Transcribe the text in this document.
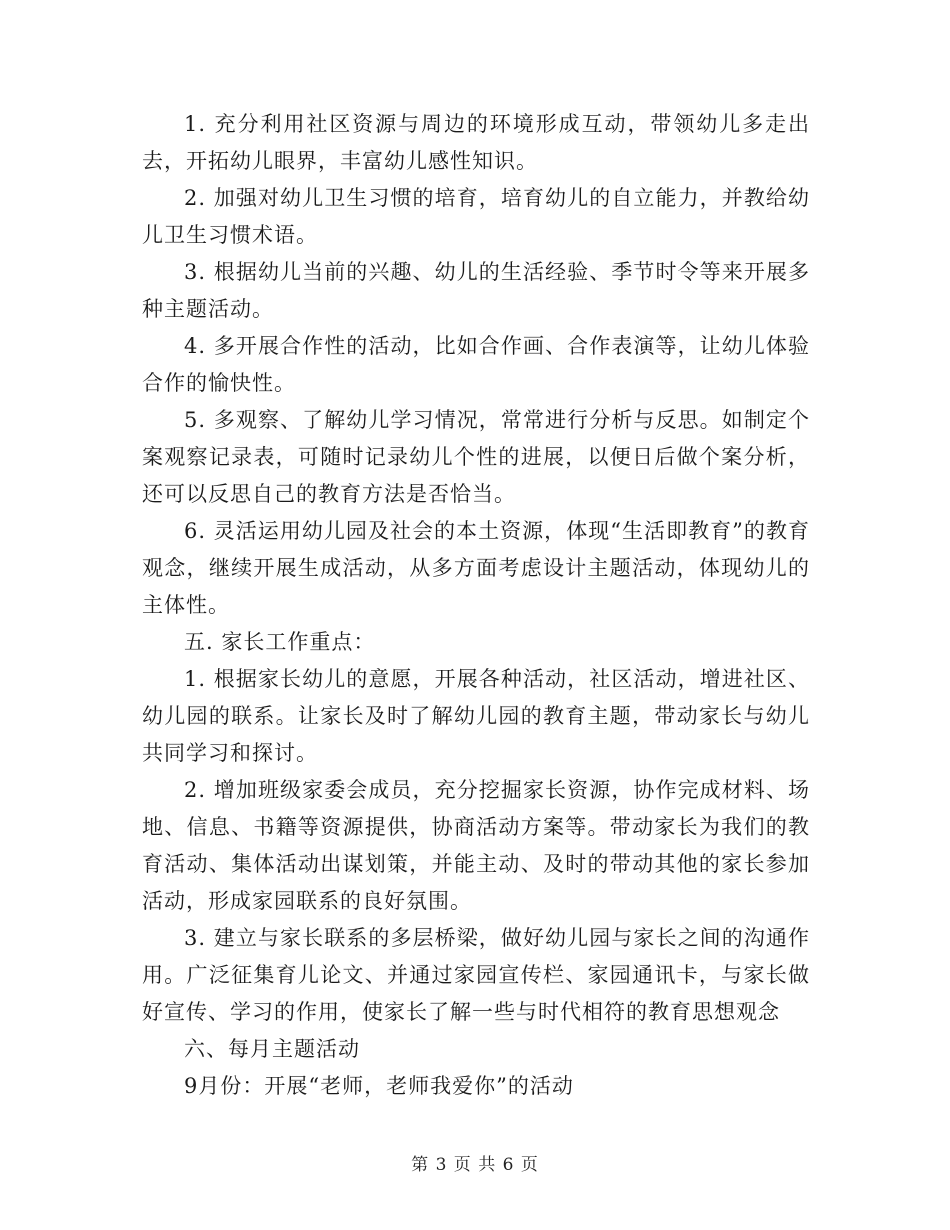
1. 充分利用社区资源与周边的环境形成互动，带领幼儿多走出去，开拓幼儿眼界，丰富幼儿感性知识。

2. 加强对幼儿卫生习惯的培育，培育幼儿的自立能力，并教给幼儿卫生习惯术语。

3. 根据幼儿当前的兴趣、幼儿的生活经验、季节时令等来开展多种主题活动。

4. 多开展合作性的活动，比如合作画、合作表演等，让幼儿体验合作的愉快性。

5. 多观察、了解幼儿学习情况，常常进行分析与反思。如制定个案观察记录表，可随时记录幼儿个性的进展，以便日后做个案分析，还可以反思自己的教育方法是否恰当。

6. 灵活运用幼儿园及社会的本土资源，体现“生活即教育”的教育观念，继续开展生成活动，从多方面考虑设计主题活动，体现幼儿的主体性。

五. 家长工作重点：

1. 根据家长幼儿的意愿，开展各种活动，社区活动，增进社区、幼儿园的联系。让家长及时了解幼儿园的教育主题，带动家长与幼儿共同学习和探讨。

2. 增加班级家委会成员，充分挖掘家长资源，协作完成材料、场地、信息、书籍等资源提供，协商活动方案等。带动家长为我们的教育活动、集体活动出谋划策，并能主动、及时的带动其他的家长参加活动，形成家园联系的良好氛围。

3. 建立与家长联系的多层桥梁，做好幼儿园与家长之间的沟通作用。广泛征集育儿论文、并通过家园宣传栏、家园通讯卡，与家长做好宣传、学习的作用，使家长了解一些与时代相符的教育思想观念

六、每月主题活动

9月份：开展“老师，老师我爱你”的活动

第 3 页 共 6 页
